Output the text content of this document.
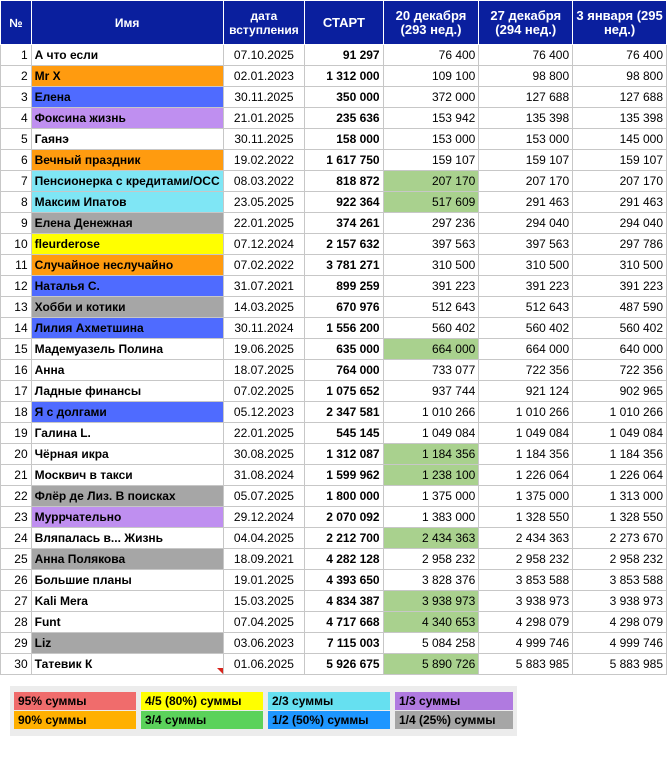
№	Имя	дата вступления	СТАРТ	20 декабря (293 нед.)	27 декабря (294 нед.)	3 января (295 нед.)
1	А что если	07.10.2025	91 297	76 400	76 400	76 400
2	Mr X	02.01.2023	1 312 000	109 100	98 800	98 800
3	Елена	30.11.2025	350 000	372 000	127 688	127 688
4	Фоксина жизнь	21.01.2025	235 636	153 942	135 398	135 398
5	Гаянэ	30.11.2025	158 000	153 000	153 000	145 000
6	Вечный праздник	19.02.2022	1 617 750	159 107	159 107	159 107
7	Пенсионерка с кредитами/ОСС	08.03.2022	818 872	207 170	207 170	207 170
8	Максим Ипатов	23.05.2025	922 364	517 609	291 463	291 463
9	Елена Денежная	22.01.2025	374 261	297 236	294 040	294 040
10	fleurderose	07.12.2024	2 157 632	397 563	397 563	297 786
11	Случайное неслучайно	07.02.2022	3 781 271	310 500	310 500	310 500
12	Наталья С.	31.07.2021	899 259	391 223	391 223	391 223
13	Хобби и котики	14.03.2025	670 976	512 643	512 643	487 590
14	Лилия Ахметшина	30.11.2024	1 556 200	560 402	560 402	560 402
15	Мадемуазель Полина	19.06.2025	635 000	664 000	664 000	640 000
16	Анна	18.07.2025	764 000	733 077	722 356	722 356
17	Ладные финансы	07.02.2025	1 075 652	937 744	921 124	902 965
18	Я с долгами	05.12.2023	2 347 581	1 010 266	1 010 266	1 010 266
19	Галина L.	22.01.2025	545 145	1 049 084	1 049 084	1 049 084
20	Чёрная икра	30.08.2025	1 312 087	1 184 356	1 184 356	1 184 356
21	Москвич в такси	31.08.2024	1 599 962	1 238 100	1 226 064	1 226 064
22	Флёр де Лиз. В поисках	05.07.2025	1 800 000	1 375 000	1 375 000	1 313 000
23	Муррчательно	29.12.2024	2 070 092	1 383 000	1 328 550	1 328 550
24	Вляпалась в... Жизнь	04.04.2025	2 212 700	2 434 363	2 434 363	2 273 670
25	Анна Полякова	18.09.2021	4 282 128	2 958 232	2 958 232	2 958 232
26	Большие планы	19.01.2025	4 393 650	3 828 376	3 853 588	3 853 588
27	Kali Mera	15.03.2025	4 834 387	3 938 973	3 938 973	3 938 973
28	Funt	07.04.2025	4 717 668	4 340 653	4 298 079	4 298 079
29	Liz	03.06.2023	7 115 003	5 084 258	4 999 746	4 999 746
30	Татевик К	01.06.2025	5 926 675	5 890 726	5 883 985	5 883 985
95% суммы
90% суммы
4/5 (80%) суммы
3/4 суммы
2/3 суммы
1/2 (50%) суммы
1/3 суммы
1/4 (25%) суммы
